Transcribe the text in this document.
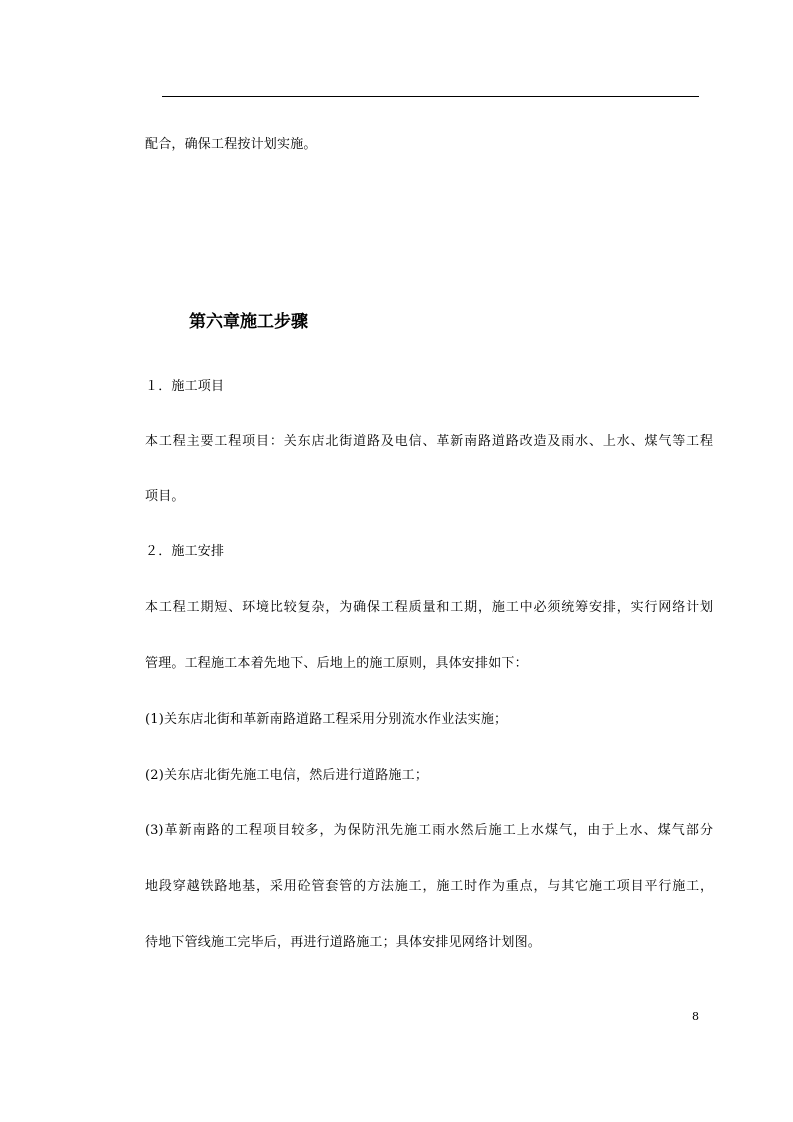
配合，确保工程按计划实施。
第六章施工步骤
１．施工项目
本工程主要工程项目：关东店北街道路及电信、革新南路道路改造及雨水、上水、煤气等工程
项目。
２．施工安排
本工程工期短、环境比较复杂，为确保工程质量和工期，施工中必须统筹安排，实行网络计划
管理。工程施工本着先地下、后地上的施工原则，具体安排如下：
(1)关东店北街和革新南路道路工程采用分别流水作业法实施；
(2)关东店北街先施工电信，然后进行道路施工；
(3)革新南路的工程项目较多，为保防汛先施工雨水然后施工上水煤气，由于上水、煤气部分
地段穿越铁路地基，采用砼管套管的方法施工，施工时作为重点，与其它施工项目平行施工，
待地下管线施工完毕后，再进行道路施工；具体安排见网络计划图。
8
